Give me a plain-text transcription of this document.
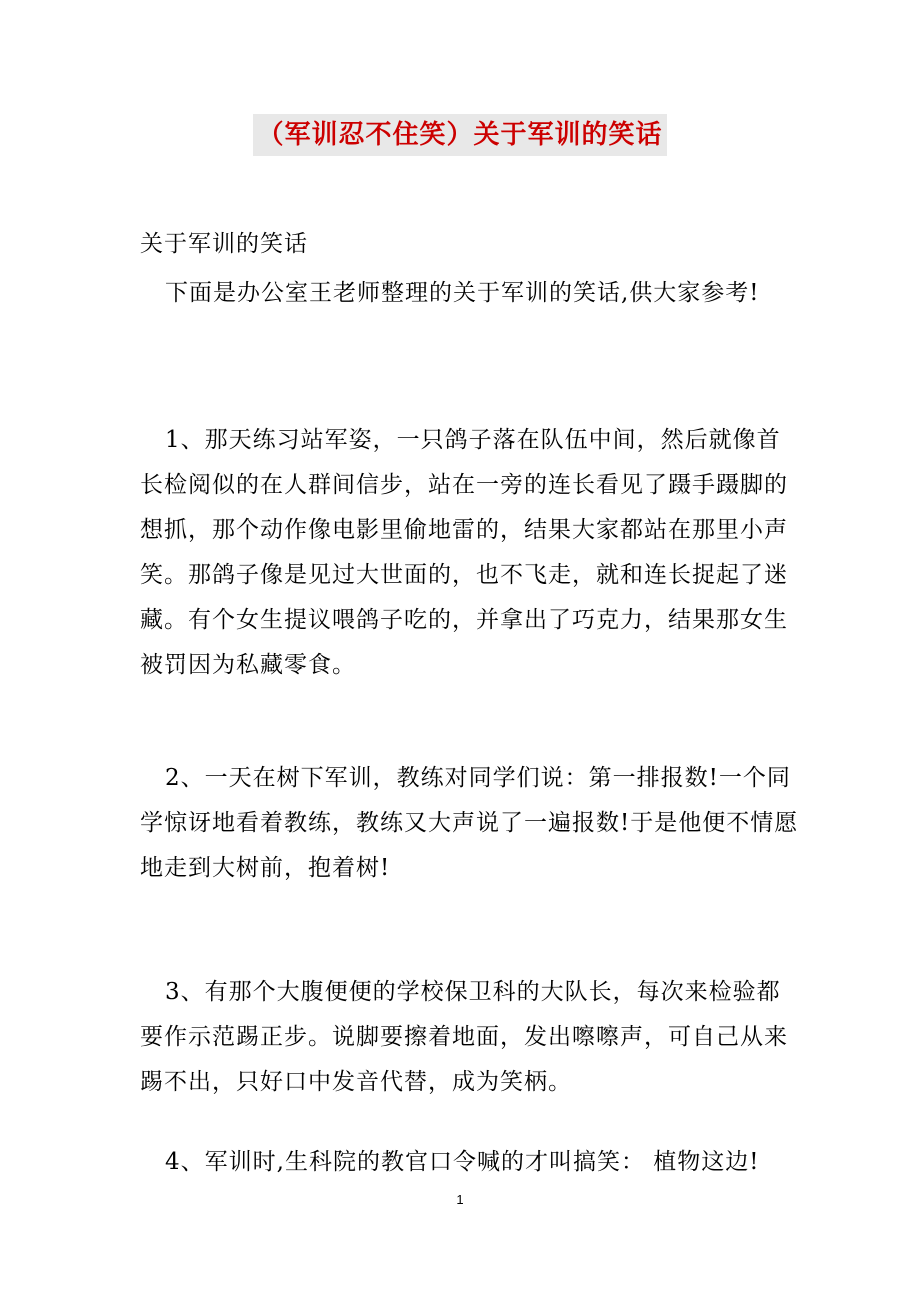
（军训忍不住笑）关于军训的笑话
关于军训的笑话
下面是办公室王老师整理的关于军训的笑话,供大家参考!

1、那天练习站军姿，一只鸽子落在队伍中间，然后就像首长检阅似的在人群间信步，站在一旁的连长看见了蹑手蹑脚的想抓，那个动作像电影里偷地雷的，结果大家都站在那里小声笑。那鸽子像是见过大世面的，也不飞走，就和连长捉起了迷藏。有个女生提议喂鸽子吃的，并拿出了巧克力，结果那女生被罚因为私藏零食。

2、一天在树下军训，教练对同学们说：第一排报数!一个同学惊讶地看着教练，教练又大声说了一遍报数!于是他便不情愿地走到大树前，抱着树!

3、有那个大腹便便的学校保卫科的大队长，每次来检验都要作示范踢正步。说脚要擦着地面，发出嚓嚓声，可自己从来踢不出，只好口中发音代替，成为笑柄。

4、军训时,生科院的教官口令喊的才叫搞笑： 植物这边!

1
